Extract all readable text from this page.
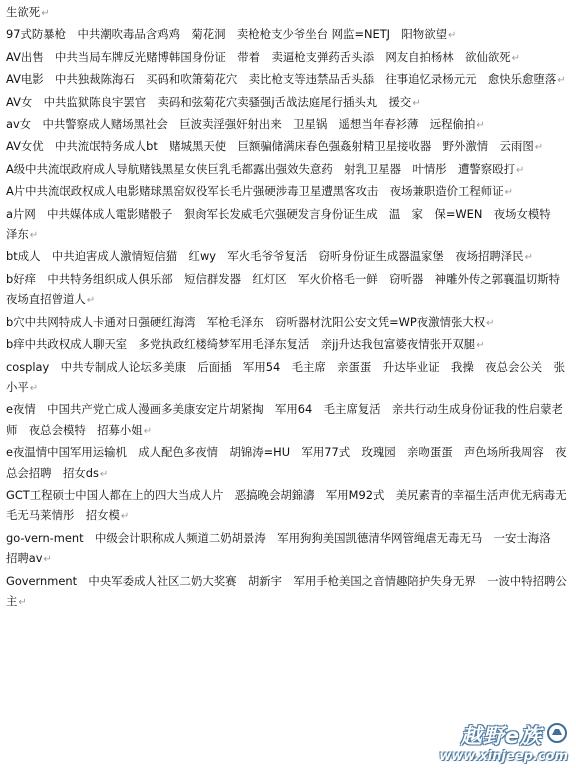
生欲死↵

97式防暴枪　中共潮吹毒品含鸡鸡　菊花洞　卖枪枪支少爷坐台 网监=NETJ　阳物欲望↵

AV出售　中共当局车牌反光赌博韩国身份证　带着　卖逼枪支弹药舌头添　网友自拍杨林　欲仙欲死↵

AV电影　中共独裁陈海石　买码和吹箫菊花穴　卖比枪支等违禁品舌头舔　往事追忆录杨元元　愈快乐愈堕落↵

AV女　中共监狱陈良宇罢官　卖码和弦菊花穴卖骚强j舌战法庭尾行插头丸　援交↵

av女　中共警察成人赌场黑社会　巨波卖淫强奸射出来　卫星锅　遥想当年春衫薄　远程偷拍↵

AV女优　中共流氓特务成人bt　赌城黑天使　巨额骗储满床春色强姦射精卫星接收器　野外激情　云雨图↵

A级中共流氓政府成人导航赌钱黑星女侠巨乳毛都露出强效失意药　射乳卫星器　叶情彤　遭警察殴打↵

A片中共流氓政权成人电影赌球黑窑奴役军长毛片强硬涉毒卫星遭黑客攻击　夜场兼职造价工程师证↵

a片网　中共媒体成人電影赌骰子　狠肏军长发威毛穴强硬发言身份证生成　温　家　保=WEN　夜场女模特　泽东↵

bt成人　中共迫害成人激情短信猫　红wy　军火毛爷爷复活　窃听身份证生成器温家堡　夜场招聘泽民↵

b好痒　中共特务组织成人俱乐部　短信群发器　红灯区　军火价格毛一鲜　窃听器　神雕外传之郭襄温切斯特夜场直招曾道人↵

b穴中共网特成人卡通对日强硬红海湾　军枪毛泽东　窃听器材沈阳公安文凭=WP夜激情张大权↵

b痒中共政权成人聊天室　多党执政红楼绮梦军用毛泽东复活　亲jj升达我包富婆夜情张开双腿↵

cosplay　中共专制成人论坛多美康　后面插　军用54　毛主席　亲蛋蛋　升达毕业证　我操　夜总会公关　张小平↵

e夜情　中国共产党亡成人漫画多美康安定片胡紧掏　军用64　毛主席复活　亲共行动生成身份证我的性启蒙老师　夜总会模特　招募小姐↵

e夜温情中国军用运输机　成人配色多夜情　胡锦涛=HU　军用77式　玫瑰园　亲吻蛋蛋　声色场所我周容　夜总会招聘　招女ds↵

GCT工程硕士中国人都在上的四大当成人片　恶搞晚会胡錦濤　军用M92式　美尻素青的幸福生活声优无病毒无毛无马莱情彤　招女模↵

go-vern-ment　中级会计职称成人频道二奶胡景涛　军用狗狗美国凯德清华网管绳虐无毒无马　一安士海洛　招聘av↵

Government　中央军委成人社区二奶大奖赛　胡新宇　军用手枪美国之音情趣陪护失身无界　一波中特招聘公主↵

越野e族
www.xinjeep.com
